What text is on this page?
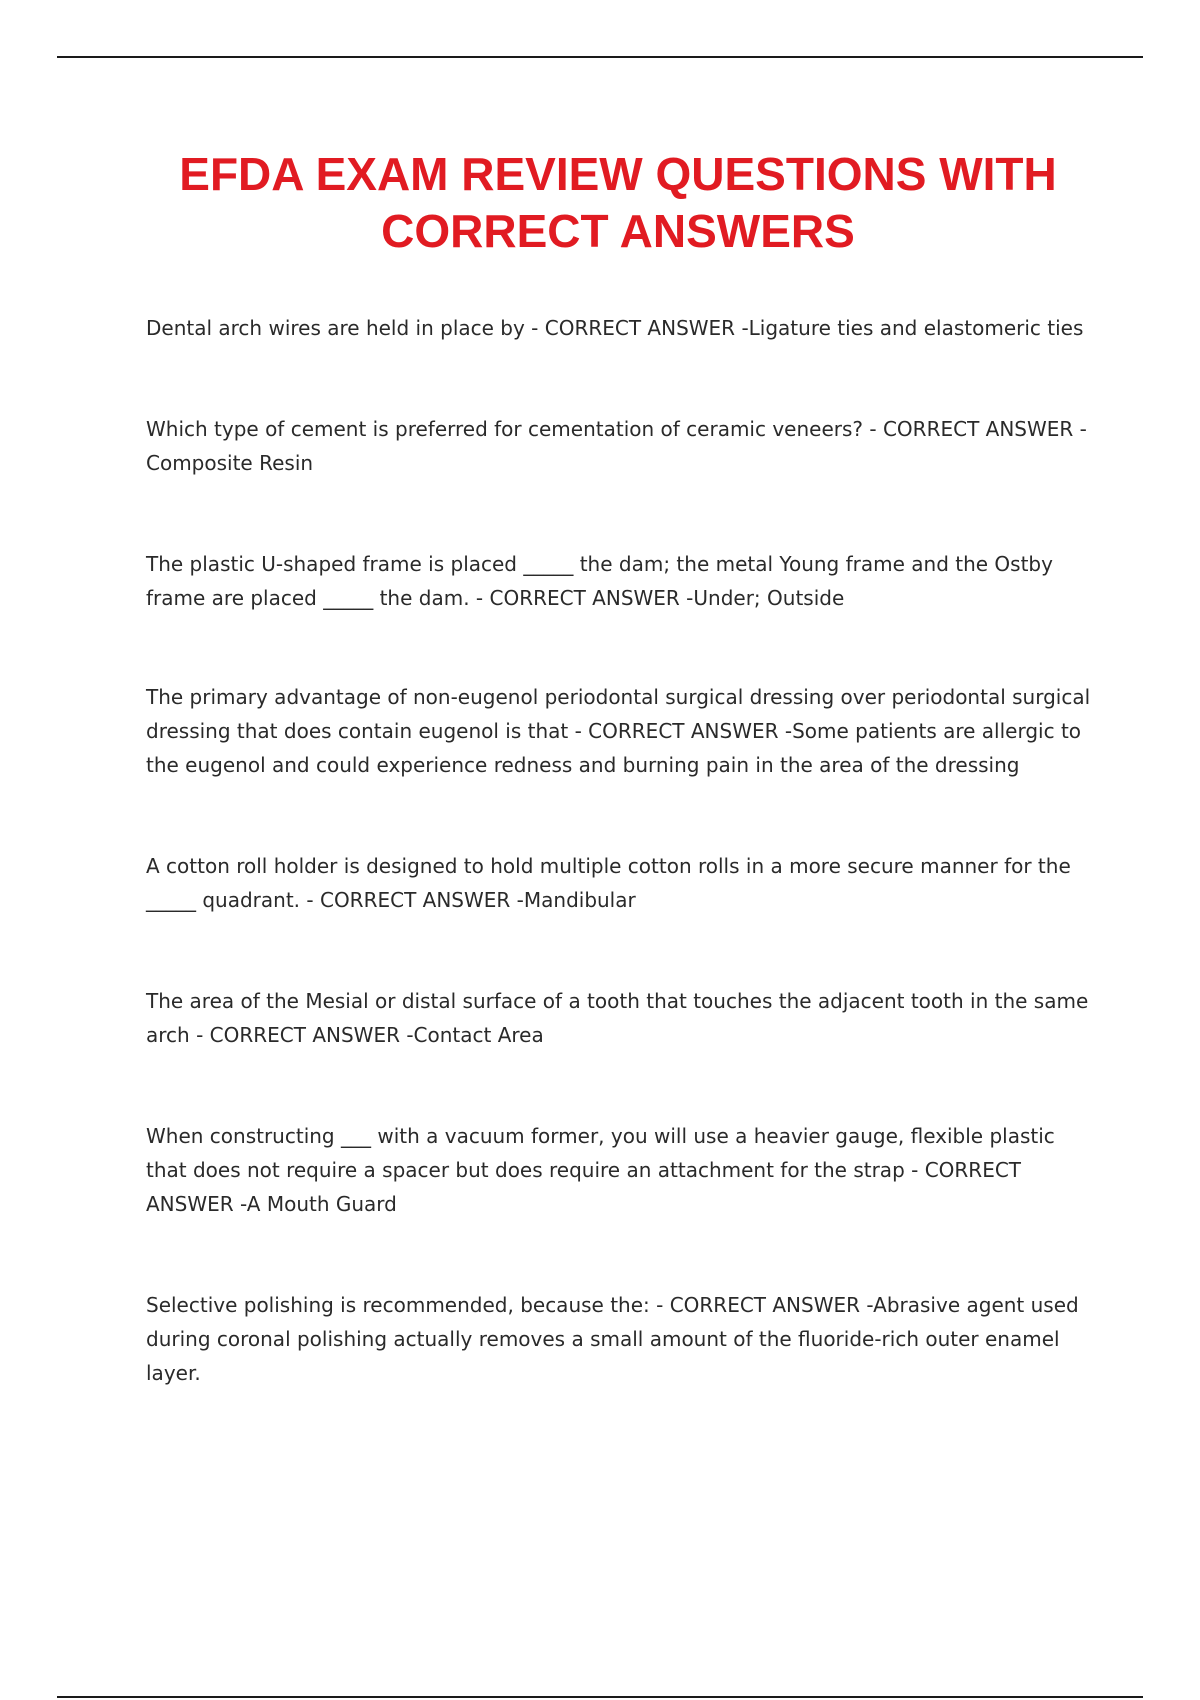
EFDA EXAM REVIEW QUESTIONS WITH
CORRECT ANSWERS

Dental arch wires are held in place by - CORRECT ANSWER -Ligature ties and elastomeric ties

Which type of cement is preferred for cementation of ceramic veneers? - CORRECT ANSWER -Composite Resin

The plastic U-shaped frame is placed _____ the dam; the metal Young frame and the Ostby frame are placed _____ the dam. - CORRECT ANSWER -Under; Outside

The primary advantage of non-eugenol periodontal surgical dressing over periodontal surgical dressing that does contain eugenol is that - CORRECT ANSWER -Some patients are allergic to the eugenol and could experience redness and burning pain in the area of the dressing

A cotton roll holder is designed to hold multiple cotton rolls in a more secure manner for the _____ quadrant. - CORRECT ANSWER -Mandibular

The area of the Mesial or distal surface of a tooth that touches the adjacent tooth in the same arch - CORRECT ANSWER -Contact Area

When constructing ___ with a vacuum former, you will use a heavier gauge, flexible plastic that does not require a spacer but does require an attachment for the strap - CORRECT ANSWER -A Mouth Guard

Selective polishing is recommended, because the: - CORRECT ANSWER -Abrasive agent used during coronal polishing actually removes a small amount of the fluoride-rich outer enamel layer.
